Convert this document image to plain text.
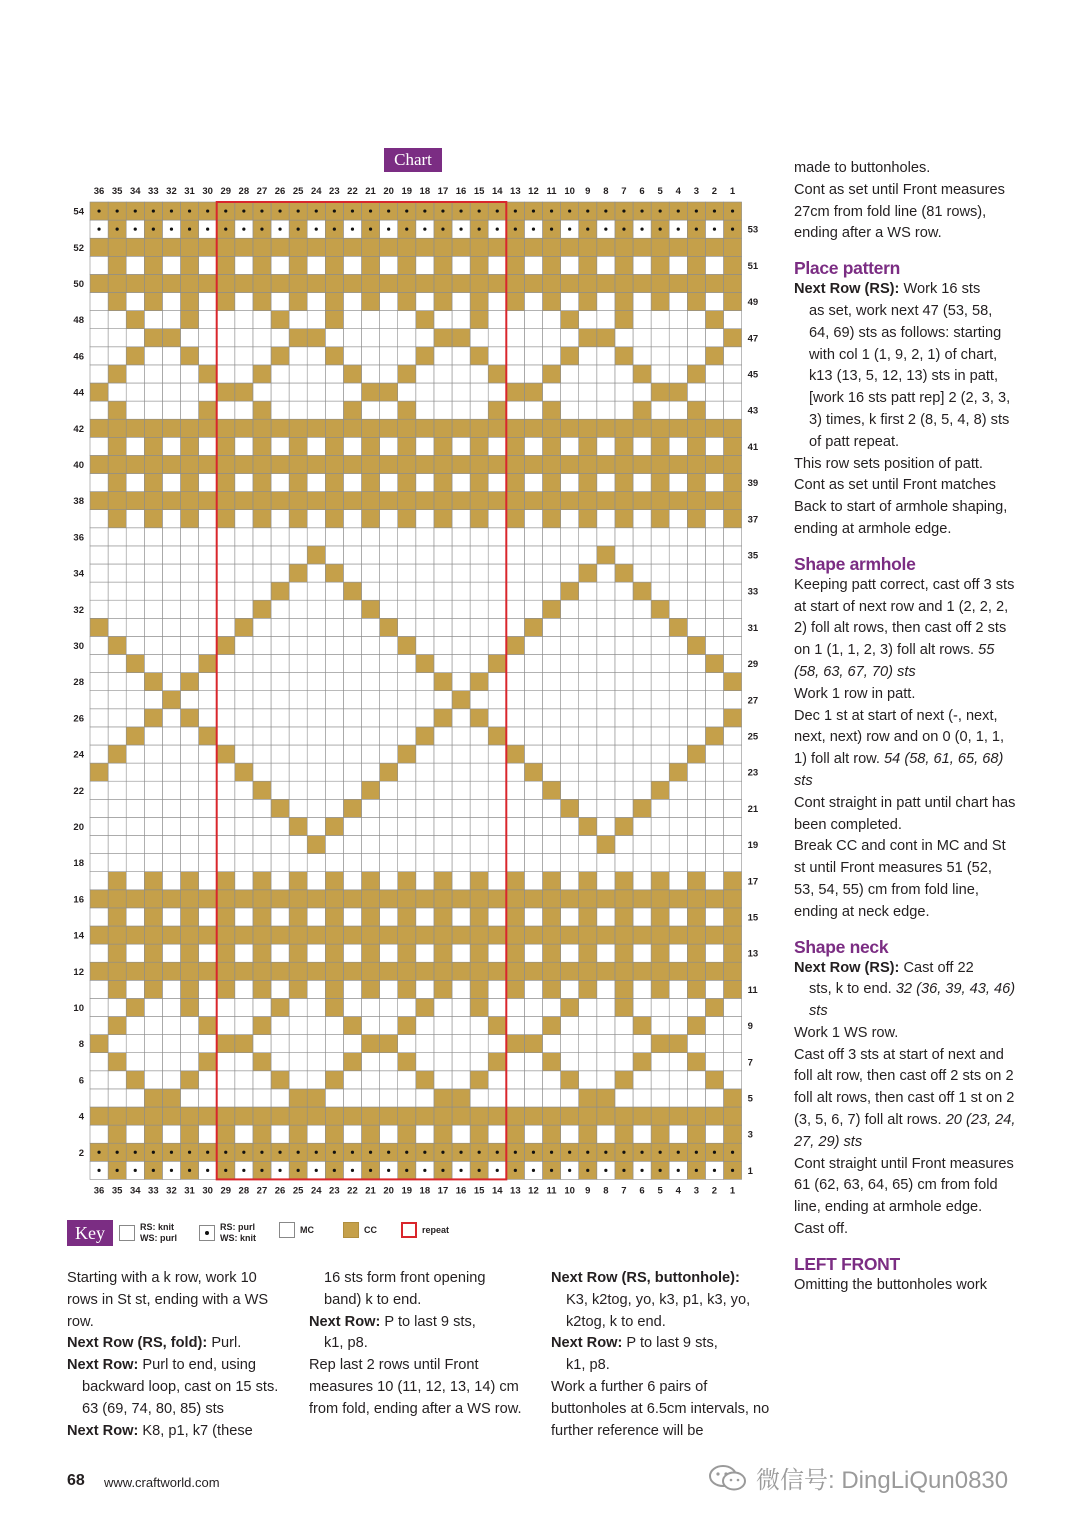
Chart
1
1
2
2
3
3
4
4
5
5
6
6
7
7
8
8
9
9
10
10
11
11
12
12
13
13
14
14
15
15
16
16
17
17
18
18
19
19
20
20
21
21
22
22
23
23
24
24
25
25
26
26
27
27
28
28
29
29
30
30
31
31
32
32
33
33
34
34
35
35
36
36
1
2
3
4
5
6
7
8
9
10
11
12
13
14
15
16
17
18
19
20
21
22
23
24
25
26
27
28
29
30
31
32
33
34
35
36
37
38
39
40
41
42
43
44
45
46
47
48
49
50
51
52
53
54
Key	RS: knit
WS: purl
RS: purl
WS: knit
MC	CC	repeat

Starting with a k row, work 10 rows in St st, ending with a WS row.

Next Row (RS, fold): Purl.

Next Row: Purl to end, using

backward loop, cast on 15 sts. 63 (69, 74, 80, 85) sts

Next Row: K8, p1, k7 (these

16 sts form front opening band) k to end.

Next Row: P to last 9 sts,

k1, p8.

Rep last 2 rows until Front measures 10 (11, 12, 13, 14) cm from fold, ending after a WS row.

Next Row (RS, buttonhole):

K3, k2tog, yo, k3, p1, k3, yo, k2tog, k to end.

Next Row: P to last 9 sts,

k1, p8.

Work a further 6 pairs of buttonholes at 6.5cm intervals, no further reference will be

made to buttonholes.

Cont as set until Front measures 27cm from fold line (81 rows), ending after a WS row.

Place pattern

Next Row (RS): Work 16 sts

as set, work next 47 (53, 58, 64, 69) sts as follows: starting with col 1 (1, 9, 2, 1) of chart, k13 (13, 5, 12, 13) sts in patt, [work 16 sts patt rep] 2 (2, 3, 3, 3) times, k first 2 (8, 5, 4, 8) sts of patt repeat.

This row sets position of patt.

Cont as set until Front matches Back to start of armhole shaping, ending at armhole edge.

Shape armhole

Keeping patt correct, cast off 3 sts at start of next row and 1 (2, 2, 2, 2) foll alt rows, then cast off 2 sts on 1 (1, 1, 2, 3) foll alt rows. 55 (58, 63, 67, 70) sts

Work 1 row in patt.

Dec 1 st at start of next (-, next, next, next) row and on 0 (0, 1, 1, 1) foll alt row. 54 (58, 61, 65, 68) sts

Cont straight in patt until chart has been completed.

Break CC and cont in MC and St st until Front measures 51 (52, 53, 54, 55) cm from fold line, ending at neck edge.

Shape neck

Next Row (RS): Cast off 22

sts, k to end. 32 (36, 39, 43, 46) sts

Work 1 WS row.

Cast off 3 sts at start of next and foll alt row, then cast off 2 sts on 2 foll alt rows, then cast off 1 st on 2 (3, 5, 6, 7) foll alt rows. 20 (23, 24, 27, 29) sts

Cont straight until Front measures 61 (62, 63, 64, 65) cm from fold line, ending at armhole edge.

Cast off.

LEFT FRONT

Omitting the buttonholes work

68 www.craftworld.com	微信号: DingLiQun0830
